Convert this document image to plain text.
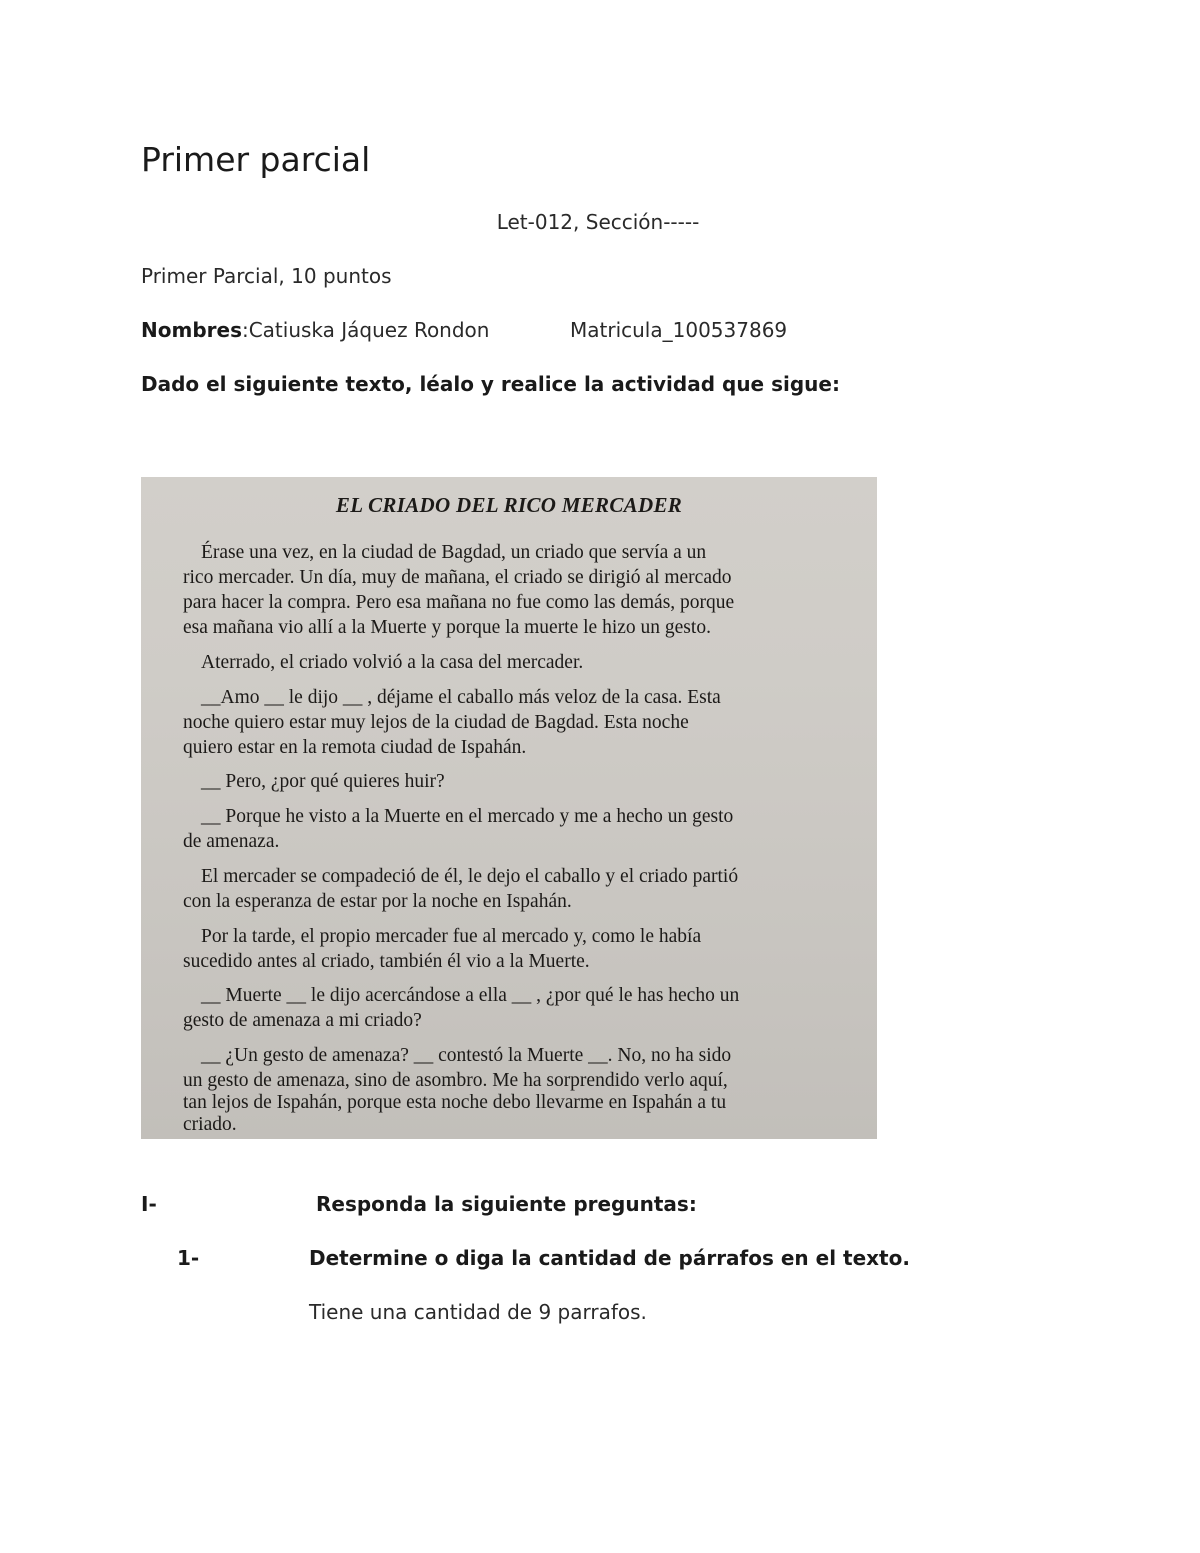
Primer parcial
Let-012, Sección-----
Primer Parcial, 10 puntos
Nombres:Catiuska Jáquez Rondon	Matricula_100537869
Dado el siguiente texto, léalo y realice la actividad que sigue:
EL CRIADO DEL RICO MERCADER
Érase una vez, en la ciudad de Bagdad, un criado que servía a un
rico mercader. Un día, muy de mañana, el criado se dirigió al mercado
para hacer la compra. Pero esa mañana no fue como las demás, porque
esa mañana vio allí a la Muerte y porque la muerte le hizo un gesto.
Aterrado, el criado volvió a la casa del mercader.
__Amo __ le dijo __ , déjame el caballo más veloz de la casa. Esta
noche quiero estar muy lejos de la ciudad de Bagdad. Esta noche
quiero estar en la remota ciudad de Ispahán.
__ Pero, ¿por qué quieres huir?
__ Porque he visto a la Muerte en el mercado y me a hecho un gesto
de amenaza.
El mercader se compadeció de él, le dejo el caballo y el criado partió
con la esperanza de estar por la noche en Ispahán.
Por la tarde, el propio mercader fue al mercado y, como le había
sucedido antes al criado, también él vio a la Muerte.
__ Muerte __ le dijo acercándose a ella __ , ¿por qué le has hecho un
gesto de amenaza a mi criado?
__ ¿Un gesto de amenaza? __ contestó la Muerte __. No, no ha sido
un gesto de amenaza, sino de asombro. Me ha sorprendido verlo aquí,
tan lejos de Ispahán, porque esta noche debo llevarme en Ispahán a tu
criado.
I-	Responda la siguiente preguntas:
1-	Determine o diga la cantidad de párrafos en el texto.
Tiene una cantidad de 9 parrafos.
